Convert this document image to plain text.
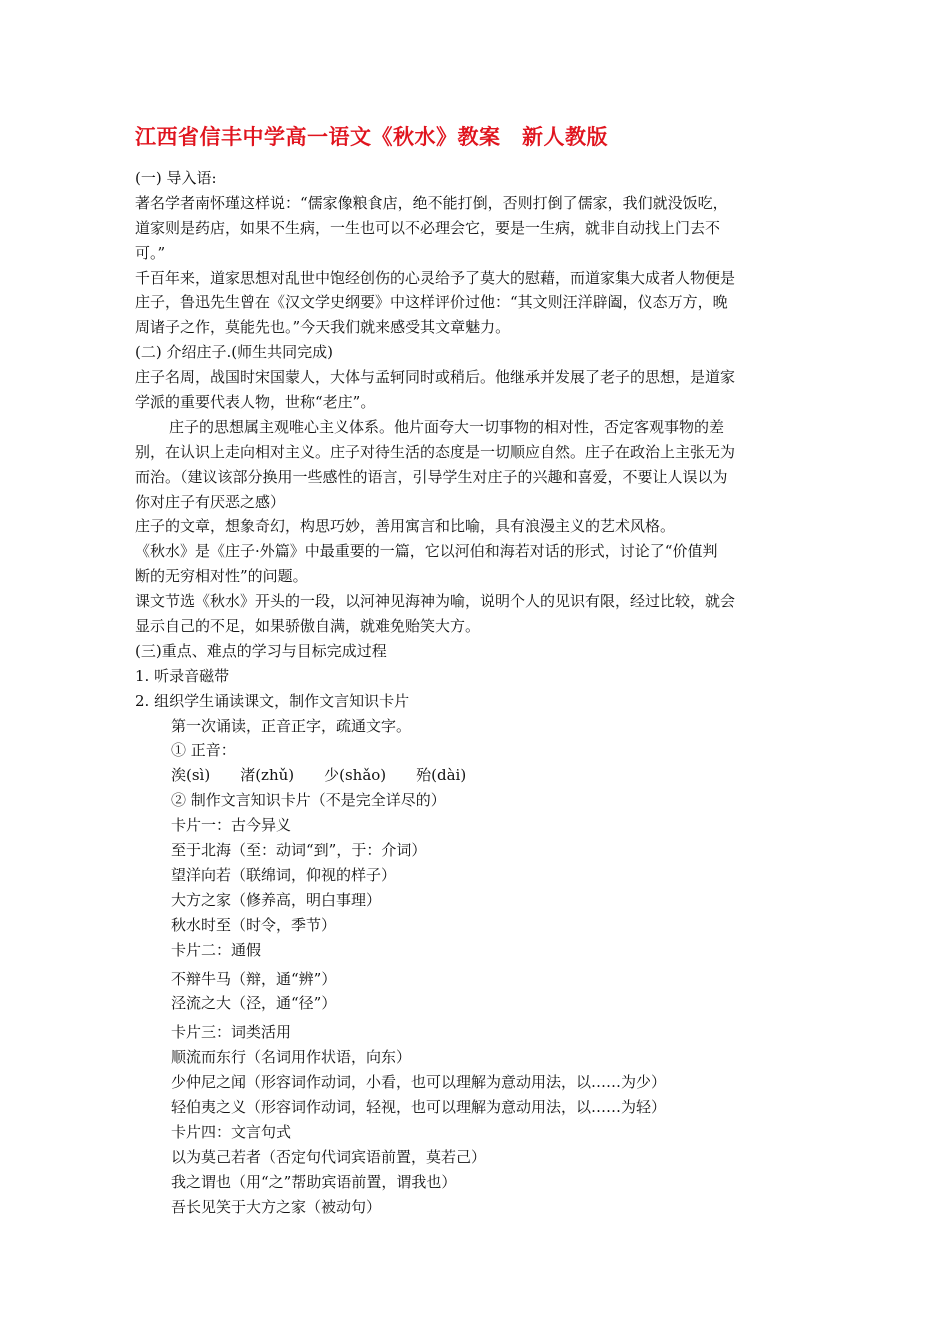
江西省信丰中学高一语文《秋水》教案　新人教版
(一) 导入语:
著名学者南怀瑾这样说：“儒家像粮食店，绝不能打倒，否则打倒了儒家，我们就没饭吃，
道家则是药店，如果不生病，一生也可以不必理会它，要是一生病，就非自动找上门去不
可。”
千百年来，道家思想对乱世中饱经创伤的心灵给予了莫大的慰藉，而道家集大成者人物便是
庄子，鲁迅先生曾在《汉文学史纲要》中这样评价过他：“其文则汪洋辟阖，仪态万方，晚
周诸子之作，莫能先也。”今天我们就来感受其文章魅力。
(二) 介绍庄子.(师生共同完成)
庄子名周，战国时宋国蒙人，大体与孟轲同时或稍后。他继承并发展了老子的思想，是道家
学派的重要代表人物，世称“老庄”。
庄子的思想属主观唯心主义体系。他片面夸大一切事物的相对性，否定客观事物的差
别，在认识上走向相对主义。庄子对待生活的态度是一切顺应自然。庄子在政治上主张无为
而治。（建议该部分换用一些感性的语言，引导学生对庄子的兴趣和喜爱，不要让人误以为
你对庄子有厌恶之感）
庄子的文章，想象奇幻，构思巧妙，善用寓言和比喻，具有浪漫主义的艺术风格。
《秋水》是《庄子·外篇》中最重要的一篇，它以河伯和海若对话的形式，讨论了“价值判
断的无穷相对性”的问题。
课文节选《秋水》开头的一段，以河神见海神为喻，说明个人的见识有限，经过比较，就会
显示自己的不足，如果骄傲自满，就难免贻笑大方。
(三)重点、难点的学习与目标完成过程
1. 听录音磁带
2. 组织学生诵读课文，制作文言知识卡片
第一次诵读，正音正字，疏通文字。
① 正音：
涘(sì)　　渚(zhǔ)　　少(shǎo)　　殆(dài)
② 制作文言知识卡片（不是完全详尽的）
卡片一：古今异义
至于北海（至：动词“到”，于：介词）
望洋向若（联绵词，仰视的样子）
大方之家（修养高，明白事理）
秋水时至（时令，季节）
卡片二：通假
不辩牛马（辩，通“辨”）
泾流之大（泾，通“径”）
卡片三：词类活用
顺流而东行（名词用作状语，向东）
少仲尼之闻（形容词作动词，小看，也可以理解为意动用法，以……为少）
轻伯夷之义（形容词作动词，轻视，也可以理解为意动用法，以……为轻）
卡片四：文言句式
以为莫己若者（否定句代词宾语前置，莫若己）
我之谓也（用“之”帮助宾语前置，谓我也）
吾长见笑于大方之家（被动句）
